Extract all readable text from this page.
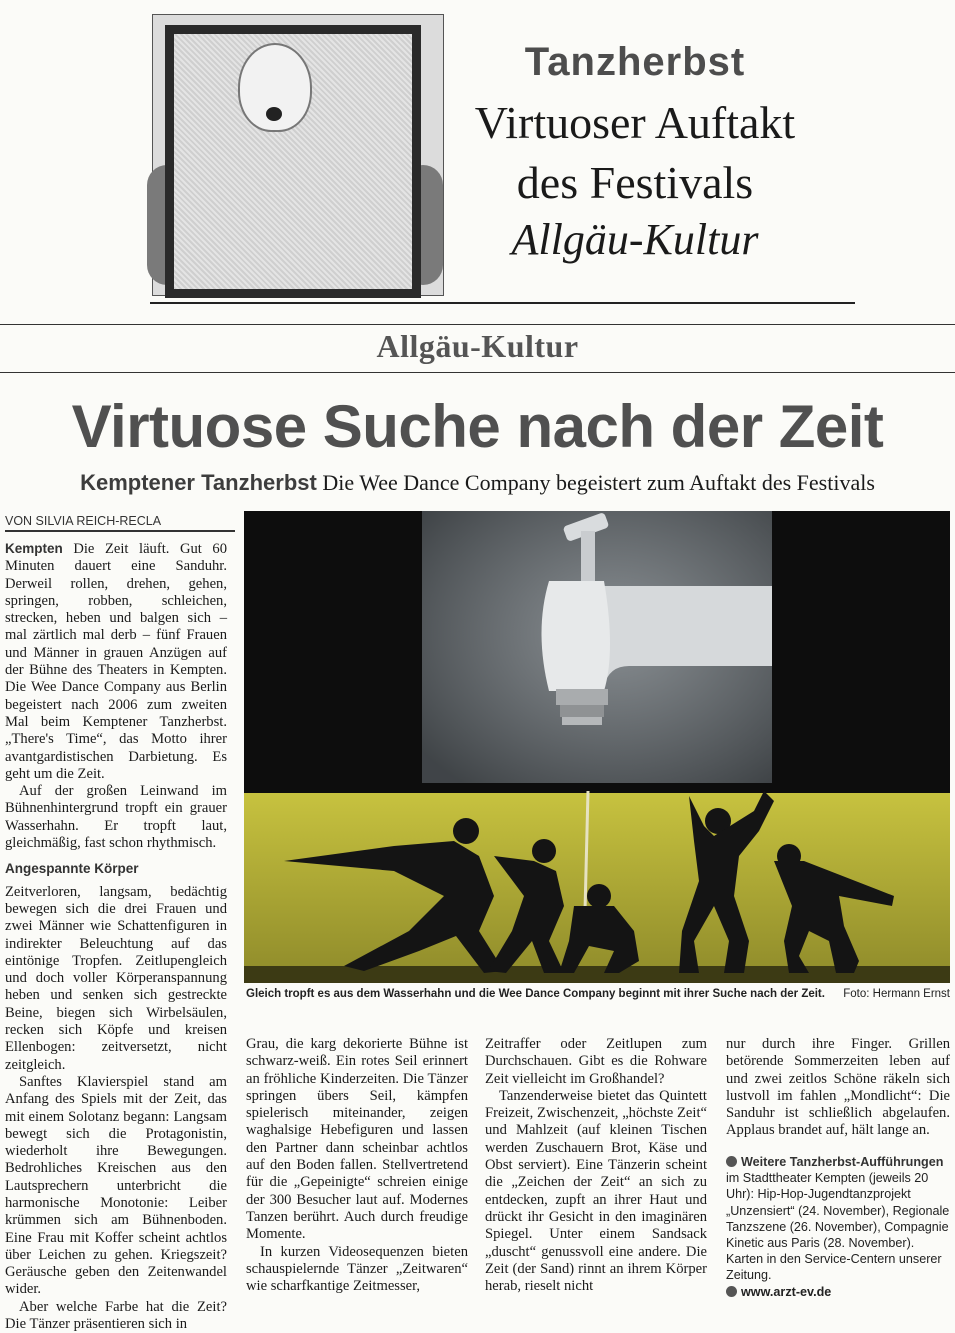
Tanzherbst
Virtuoser Auftakt
des Festivals
Allgäu-Kultur
Allgäu-Kultur
Virtuose Suche nach der Zeit
Kemptener Tanzherbst Die Wee Dance Company begeistert zum Auftakt des Festivals
VON SILVIA REICH-RECLA

Kempten Die Zeit läuft. Gut 60 Minuten dauert eine Sanduhr. Derweil rollen, drehen, gehen, springen, robben, schleichen, strecken, heben und balgen sich – mal zärtlich mal derb – fünf Frauen und Männer in grauen Anzügen auf der Bühne des Theaters in Kempten. Die Wee Dance Company aus Berlin begeistert nach 2006 zum zweiten Mal beim Kemptener Tanzherbst. „There's Time“, das Motto ihrer avantgardistischen Darbietung. Es geht um die Zeit.

Auf der großen Leinwand im Bühnenhintergrund tropft ein grauer Wasserhahn. Er tropft laut, gleichmäßig, fast schon rhythmisch.

Angespannte Körper

Zeitverloren, langsam, bedächtig bewegen sich die drei Frauen und zwei Männer wie Schattenfiguren in indirekter Beleuchtung auf das eintönige Tropfen. Zeitlupengleich und doch voller Körperanspannung heben und senken sich gestreckte Beine, biegen sich Wirbelsäulen, recken sich Köpfe und kreisen Ellenbogen: zeitversetzt, nicht zeitgleich.

Sanftes Klavierspiel stand am Anfang des Spiels mit der Zeit, das mit einem Solotanz begann: Langsam bewegt sich die Protagonistin, wiederholt ihre Bewegungen. Bedrohliches Kreischen aus den Lautsprechern unterbricht die harmonische Monotonie: Leiber krümmen sich am Bühnenboden. Eine Frau mit Koffer scheint achtlos über Leichen zu gehen. Kriegszeit? Geräusche geben den Zeitenwandel wider.

Aber welche Farbe hat die Zeit? Die Tänzer präsentieren sich in

Foto: Hermann Ernst
Gleich tropft es aus dem Wasserhahn und die Wee Dance Company beginnt mit ihrer Suche nach der Zeit.

Grau, die karg dekorierte Bühne ist schwarz-weiß. Ein rotes Seil erinnert an fröhliche Kinderzeiten. Die Tänzer springen übers Seil, kämpfen spielerisch miteinander, zeigen waghalsige Hebefiguren und lassen den Partner dann scheinbar achtlos auf den Boden fallen. Stellvertretend für die „Gepeinigte“ schreien einige der 300 Besucher laut auf. Modernes Tanzen berührt. Auch durch freudige Momente.

In kurzen Videosequenzen bieten schauspielernde Tänzer „Zeitwaren“ wie scharfkantige Zeitmesser,

Zeitraffer oder Zeitlupen zum Durchschauen. Gibt es die Rohware Zeit vielleicht im Großhandel?

Tanzenderweise bietet das Quintett Freizeit, Zwischenzeit, „höchste Zeit“ und Mahlzeit (auf kleinen Tischen werden Zuschauern Brot, Käse und Obst serviert). Eine Tänzerin scheint die „Zeichen der Zeit“ an sich zu entdecken, zupft an ihrer Haut und drückt ihr Gesicht in den imaginären Spiegel. Unter einem Sandsack „duscht“ genussvoll eine andere. Die Zeit (der Sand) rinnt an ihrem Körper herab, rieselt nicht

nur durch ihre Finger. Grillen betörende Sommerzeiten leben auf und zwei zeitlos Schöne räkeln sich lustvoll im fahlen „Mondlicht“: Die Sanduhr ist schließlich abgelaufen. Applaus brandet auf, hält lange an.

Weitere Tanzherbst-Aufführungen
im Stadttheater Kempten (jeweils 20 Uhr): Hip-Hop-Jugendtanzprojekt „Unzensiert“ (24. November), Regionale Tanzszene (26. November), Compagnie Kinetic aus Paris (28. November). Karten in den Service-Centern unserer Zeitung.
www.arzt-ev.de
